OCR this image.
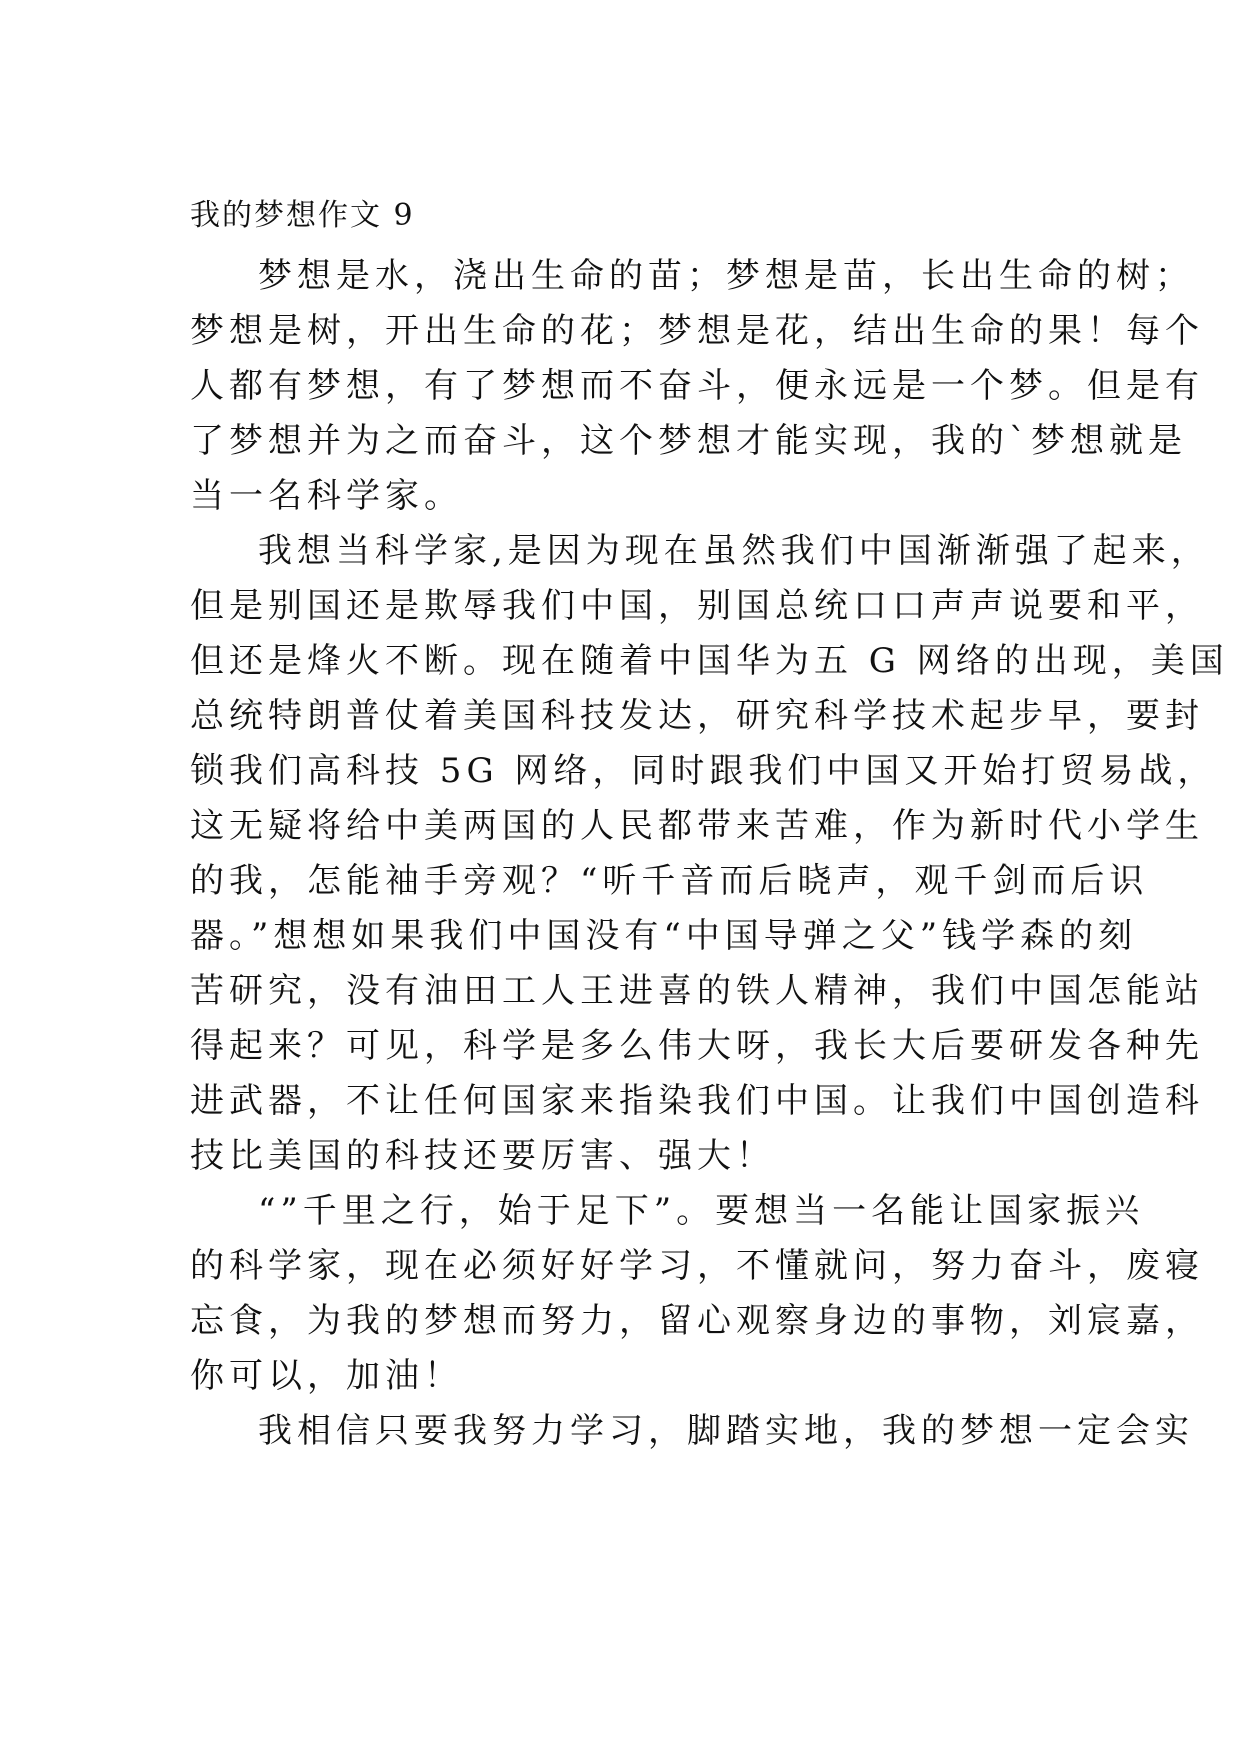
我的梦想作文 9
梦想是水，浇出生命的苗；梦想是苗，长出生命的树；
梦想是树，开出生命的花；梦想是花，结出生命的果！每个
人都有梦想，有了梦想而不奋斗，便永远是一个梦。但是有
了梦想并为之而奋斗，这个梦想才能实现，我的`梦想就是
当一名科学家。
我想当科学家,是因为现在虽然我们中国渐渐强了起来，
但是别国还是欺辱我们中国，别国总统口口声声说要和平，
但还是烽火不断。现在随着中国华为五 G 网络的出现，美国
总统特朗普仗着美国科技发达，研究科学技术起步早，要封
锁我们高科技 5G 网络，同时跟我们中国又开始打贸易战，
这无疑将给中美两国的人民都带来苦难，作为新时代小学生
的我，怎能袖手旁观？“听千音而后晓声，观千剑而后识
器。”想想如果我们中国没有“中国导弹之父”钱学森的刻
苦研究，没有油田工人王进喜的铁人精神，我们中国怎能站
得起来？可见，科学是多么伟大呀，我长大后要研发各种先
进武器，不让任何国家来指染我们中国。让我们中国创造科
技比美国的科技还要厉害、强大！
“”千里之行，始于足下”。要想当一名能让国家振兴
的科学家，现在必须好好学习，不懂就问，努力奋斗，废寝
忘食，为我的梦想而努力，留心观察身边的事物，刘宸嘉，
你可以，加油！
我相信只要我努力学习，脚踏实地，我的梦想一定会实
